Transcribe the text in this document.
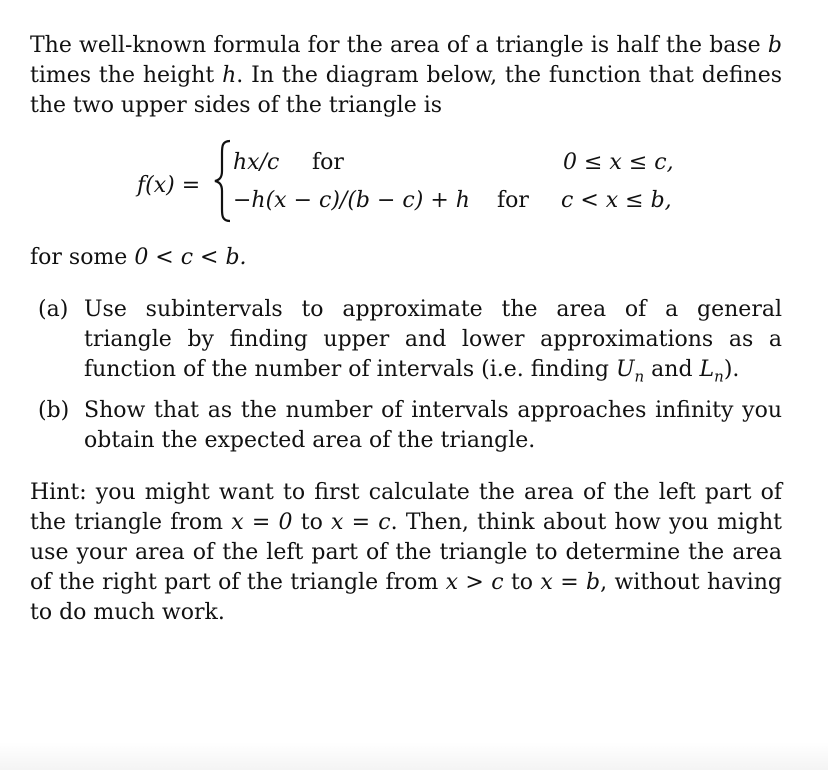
The well-known formula for the area of a triangle is half the base b times the height h. In the diagram below, the function that defines the two upper sides of the triangle is

f(x) =
hx/c for	0 ≤ x ≤ c,
−h(x − c)/(b − c) + h for c < x ≤ b,

for some 0 < c < b.

(a) Use subintervals to approximate the area of a general triangle by finding upper and lower approximations as a function of the number of intervals (i.e. finding $U_n$ and $L_n$).
(b) Show that as the number of intervals approaches infinity you obtain the expected area of the triangle.

Hint: you might want to first calculate the area of the left part of the triangle from x = 0 to x = c. Then, think about how you might use your area of the left part of the triangle to determine the area of the right part of the triangle from x > c to x = b, without having to do much work.
